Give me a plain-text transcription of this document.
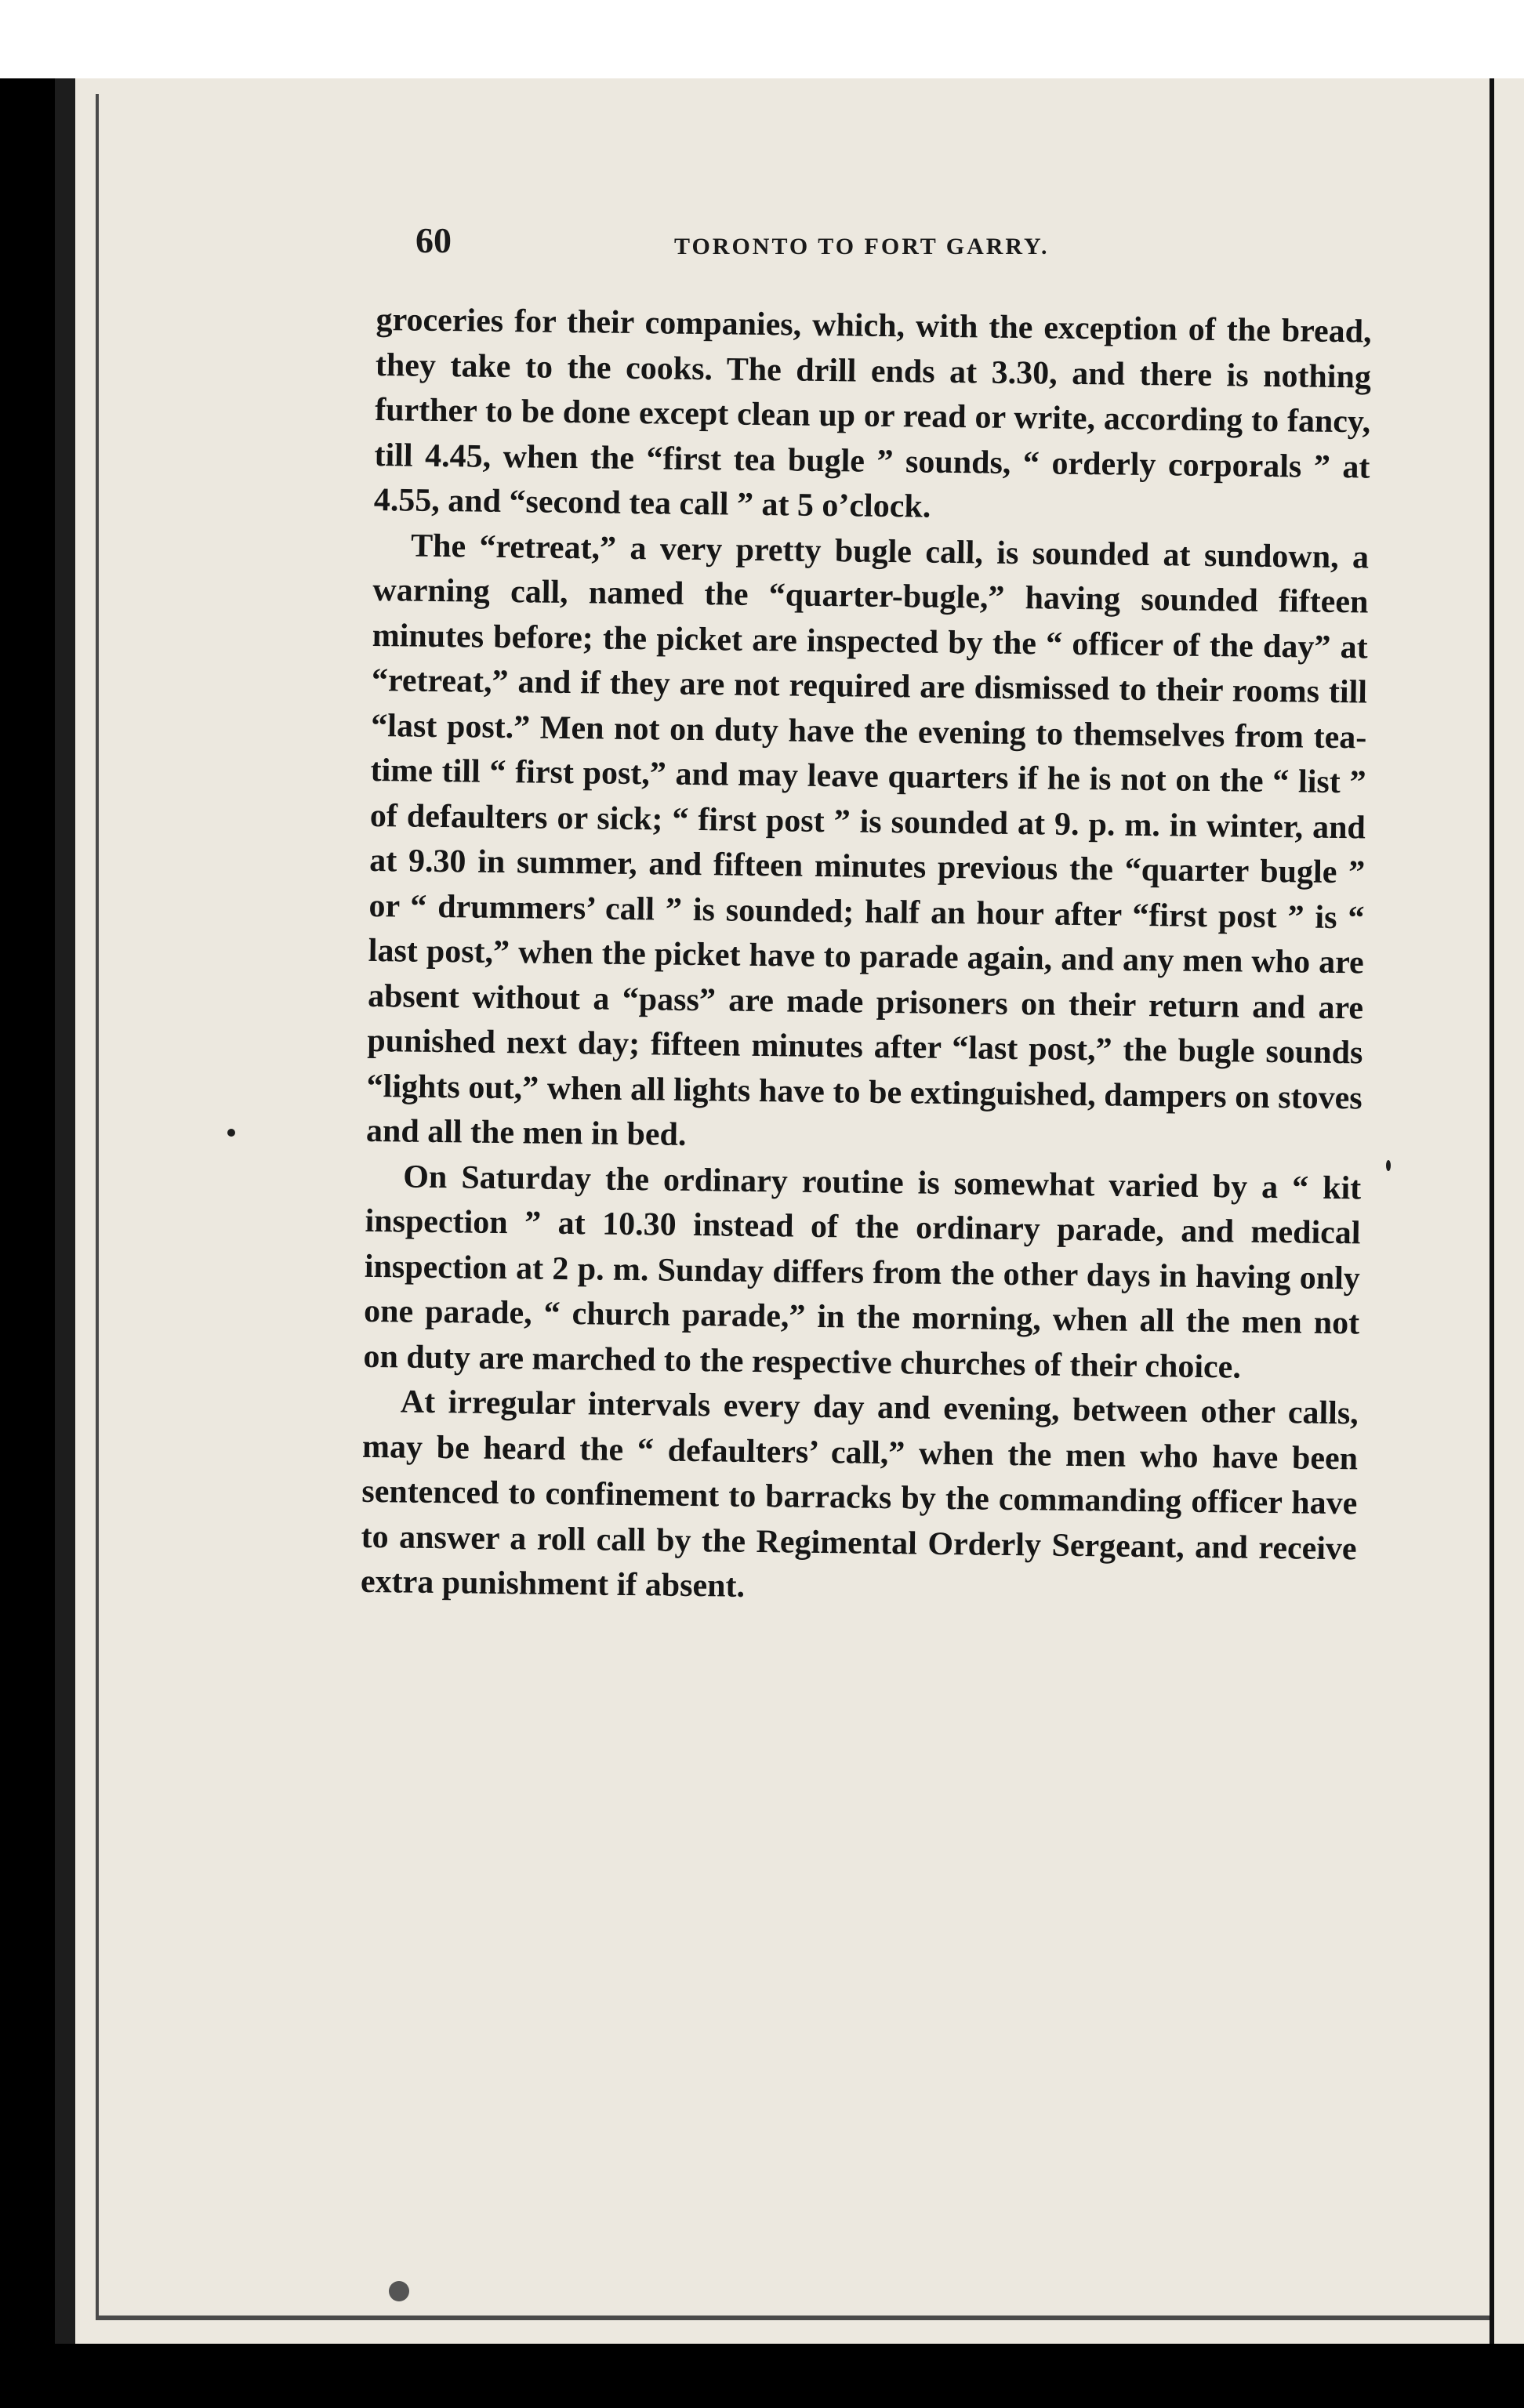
60	TORONTO TO FORT GARRY.

groceries for their companies, which, with the exception of the bread, they take to the cooks. The drill ends at 3.30, and there is nothing further to be done except clean up or read or write, according to fancy, till 4.45, when the “first tea bugle ” sounds, “ orderly corporals ” at 4.55, and “second tea call ” at 5 o’clock.

The “retreat,” a very pretty bugle call, is sounded at sundown, a warning call, named the “quarter-bugle,” having sounded fifteen minutes before; the picket are inspected by the “ officer of the day” at “retreat,” and if they are not required are dismissed to their rooms till “last post.” Men not on duty have the evening to themselves from tea-time till “ first post,” and may leave quarters if he is not on the “ list ” of defaulters or sick; “ first post ” is sounded at 9. p. m. in winter, and at 9.30 in summer, and fifteen minutes previous the “quarter bugle ” or “ drummers’ call ” is sounded; half an hour after “first post ” is “ last post,” when the picket have to parade again, and any men who are absent without a “pass” are made prisoners on their return and are punished next day; fifteen minutes after “last post,” the bugle sounds “lights out,” when all lights have to be extinguished, dampers on stoves and all the men in bed.

On Saturday the ordinary routine is somewhat varied by a “ kit inspection ” at 10.30 instead of the ordinary parade, and medical inspection at 2 p. m. Sunday differs from the other days in having only one parade, “ church parade,” in the morning, when all the men not on duty are marched to the respective churches of their choice.

At irregular intervals every day and evening, between other calls, may be heard the “ defaulters’ call,” when the men who have been sentenced to confinement to barracks by the commanding officer have to answer a roll call by the Regimental Orderly Sergeant, and receive extra punishment if absent.
